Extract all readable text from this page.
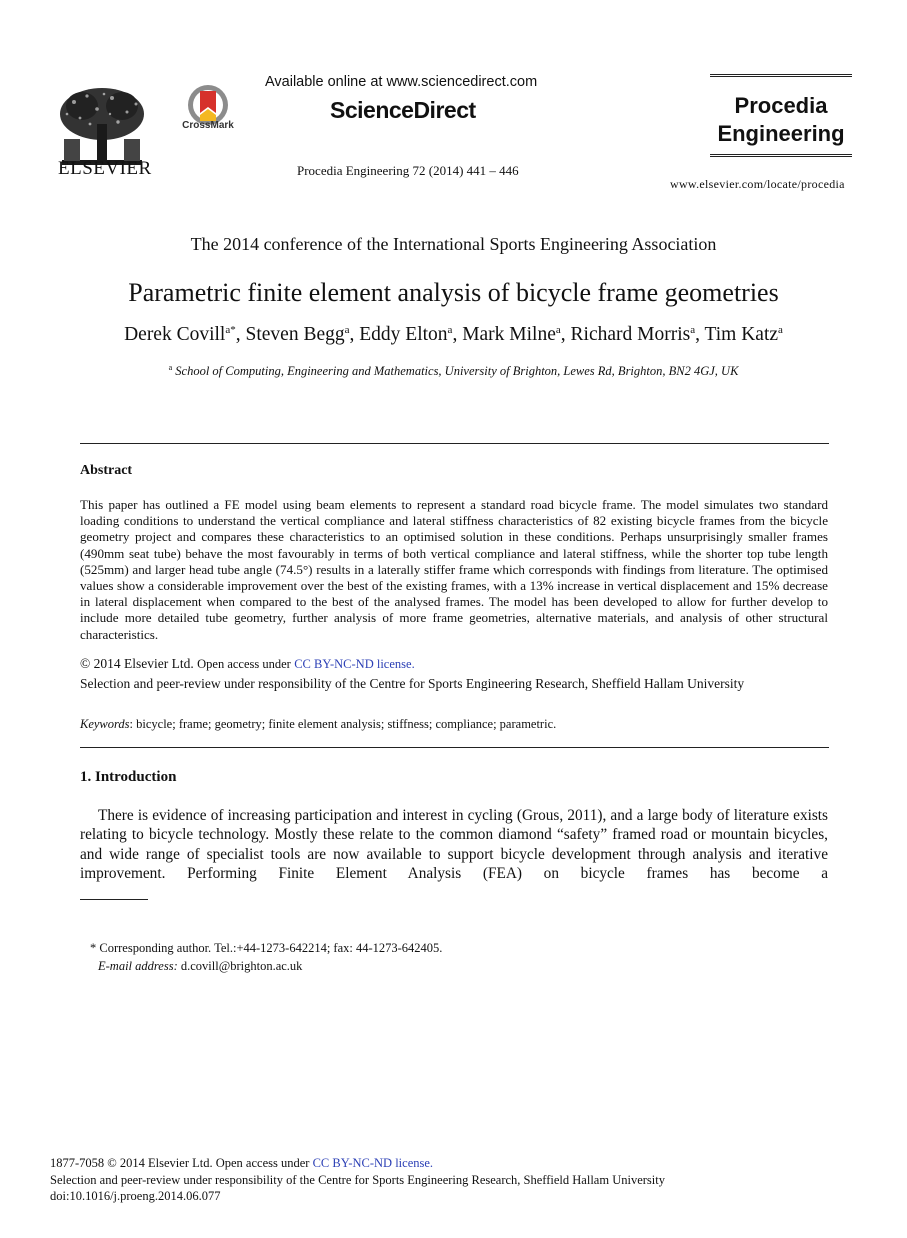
ELSEVIER
CrossMark
Available online at www.sciencedirect.com
ScienceDirect
Procedia Engineering 72 (2014) 441 – 446
Procedia
Engineering
www.elsevier.com/locate/procedia
The 2014 conference of the International Sports Engineering Association
Parametric finite element analysis of bicycle frame geometries
Derek Covill$^{a*}$, Steven Begg$^a$, Eddy Elton$^a$, Mark Milne$^a$, Richard Morris$^a$, Tim Katz$^a$
$^a$ School of Computing, Engineering and Mathematics, University of Brighton, Lewes Rd, Brighton, BN2 4GJ, UK
Abstract
This paper has outlined a FE model using beam elements to represent a standard road bicycle frame. The model simulates two standard loading conditions to understand the vertical compliance and lateral stiffness characteristics of 82 existing bicycle frames from the bicycle geometry project and compares these characteristics to an optimised solution in these conditions. Perhaps unsurprisingly smaller frames (490mm seat tube) behave the most favourably in terms of both vertical compliance and lateral stiffness, while the shorter top tube length (525mm) and larger head tube angle (74.5°) results in a laterally stiffer frame which corresponds with findings from literature. The optimised values show a considerable improvement over the best of the existing frames, with a 13% increase in vertical displacement and 15% decrease in lateral displacement when compared to the best of the analysed frames. The model has been developed to allow for further develop to include more detailed tube geometry, further analysis of more frame geometries, alternative materials, and analysis of other structural characteristics.
© 2014 Elsevier Ltd. Open access under CC BY-NC-ND license.
Selection and peer-review under responsibility of the Centre for Sports Engineering Research, Sheffield Hallam University
Keywords: bicycle; frame; geometry; finite element analysis; stiffness; compliance; parametric.
1. Introduction
There is evidence of increasing participation and interest in cycling (Grous, 2011), and a large body of literature exists relating to bicycle technology. Mostly these relate to the common diamond “safety” framed road or mountain bicycles, and wide range of specialist tools are now available to support bicycle development through analysis and iterative improvement. Performing Finite Element Analysis (FEA) on bicycle frames has become a
* Corresponding author. Tel.:+44-1273-642214; fax: 44-1273-642405.
E-mail address: d.covill@brighton.ac.uk
1877-7058 © 2014 Elsevier Ltd. Open access under CC BY-NC-ND license.
Selection and peer-review under responsibility of the Centre for Sports Engineering Research, Sheffield Hallam University
doi:10.1016/j.proeng.2014.06.077
